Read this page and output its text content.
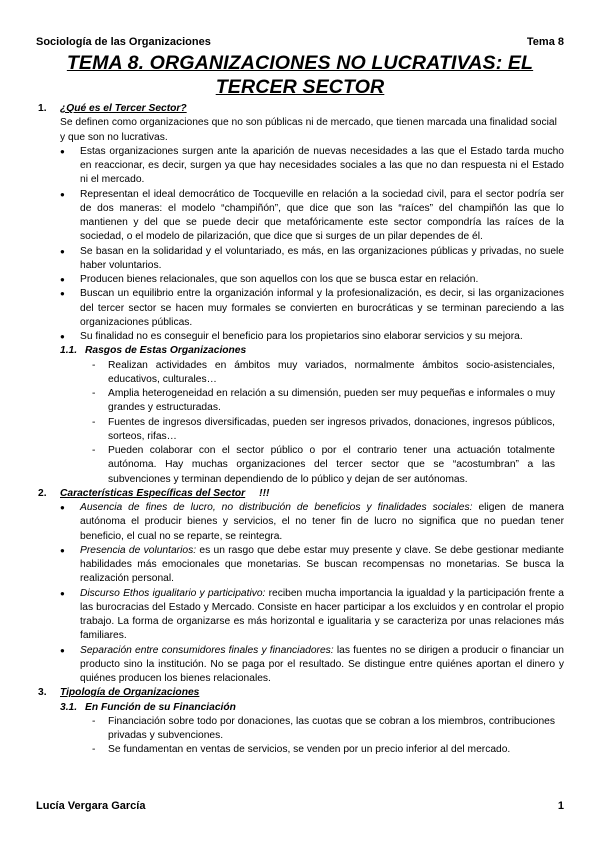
Sociología de las Organizaciones	Tema 8
TEMA 8. ORGANIZACIONES NO LUCRATIVAS: EL TERCER SECTOR
1. ¿Qué es el Tercer Sector?
Se definen como organizaciones que no son públicas ni de mercado, que tienen marcada una finalidad social y que son no lucrativas.
● Estas organizaciones surgen ante la aparición de nuevas necesidades a las que el Estado tarda mucho en reaccionar, es decir, surgen ya que hay necesidades sociales a las que no dan respuesta ni el Estado ni el mercado.
● Representan el ideal democrático de Tocqueville en relación a la sociedad civil, para el sector podría ser de dos maneras: el modelo “champiñón”, que dice que son las “raíces” del champiñón las que lo mantienen y del que se puede decir que metafóricamente este sector compondría las raíces de la sociedad, o el modelo de pilarización, que dice que si surges de un pilar dependes de él.
● Se basan en la solidaridad y el voluntariado, es más, en las organizaciones públicas y privadas, no suele haber voluntarios.
● Producen bienes relacionales, que son aquellos con los que se busca estar en relación.
● Buscan un equilibrio entre la organización informal y la profesionalización, es decir, si las organizaciones del tercer sector se hacen muy formales se convierten en burocráticas y se terminan pareciendo a las organizaciones públicas.
● Su finalidad no es conseguir el beneficio para los propietarios sino elaborar servicios y su mejora.
1.1. Rasgos de Estas Organizaciones
- Realizan actividades en ámbitos muy variados, normalmente ámbitos socio-asistenciales, educativos, culturales…
- Amplia heterogeneidad en relación a su dimensión, pueden ser muy pequeñas e informales o muy grandes y estructuradas.
- Fuentes de ingresos diversificadas, pueden ser ingresos privados, donaciones, ingresos públicos, sorteos, rifas…
- Pueden colaborar con el sector público o por el contrario tener una actuación totalmente autónoma. Hay muchas organizaciones del tercer sector que se “acostumbran” a las subvenciones y terminan dependiendo de lo público y dejan de ser autónomas.
2. Características Específicas del Sector !!!
● Ausencia de fines de lucro, no distribución de beneficios y finalidades sociales: eligen de manera autónoma el producir bienes y servicios, el no tener fin de lucro no significa que no puedan tener beneficio, el cual no se reparte, se reintegra.
● Presencia de voluntarios: es un rasgo que debe estar muy presente y clave. Se debe gestionar mediante habilidades más emocionales que monetarias. Se buscan recompensas no monetarias. Se busca la realización personal.
● Discurso Ethos igualitario y participativo: reciben mucha importancia la igualdad y la participación frente a las burocracias del Estado y Mercado. Consiste en hacer participar a los excluidos y en controlar el propio trabajo. La forma de organizarse es más horizontal e igualitaria y se caracteriza por unas relaciones más familiares.
● Separación entre consumidores finales y financiadores: las fuentes no se dirigen a producir o financiar un producto sino la institución. No se paga por el resultado. Se distingue entre quiénes aportan el dinero y quiénes producen los bienes relacionales.
3. Tipología de Organizaciones
3.1. En Función de su Financiación
- Financiación sobre todo por donaciones, las cuotas que se cobran a los miembros, contribuciones privadas y subvenciones.
- Se fundamentan en ventas de servicios, se venden por un precio inferior al del mercado.
Lucía Vergara García	1
